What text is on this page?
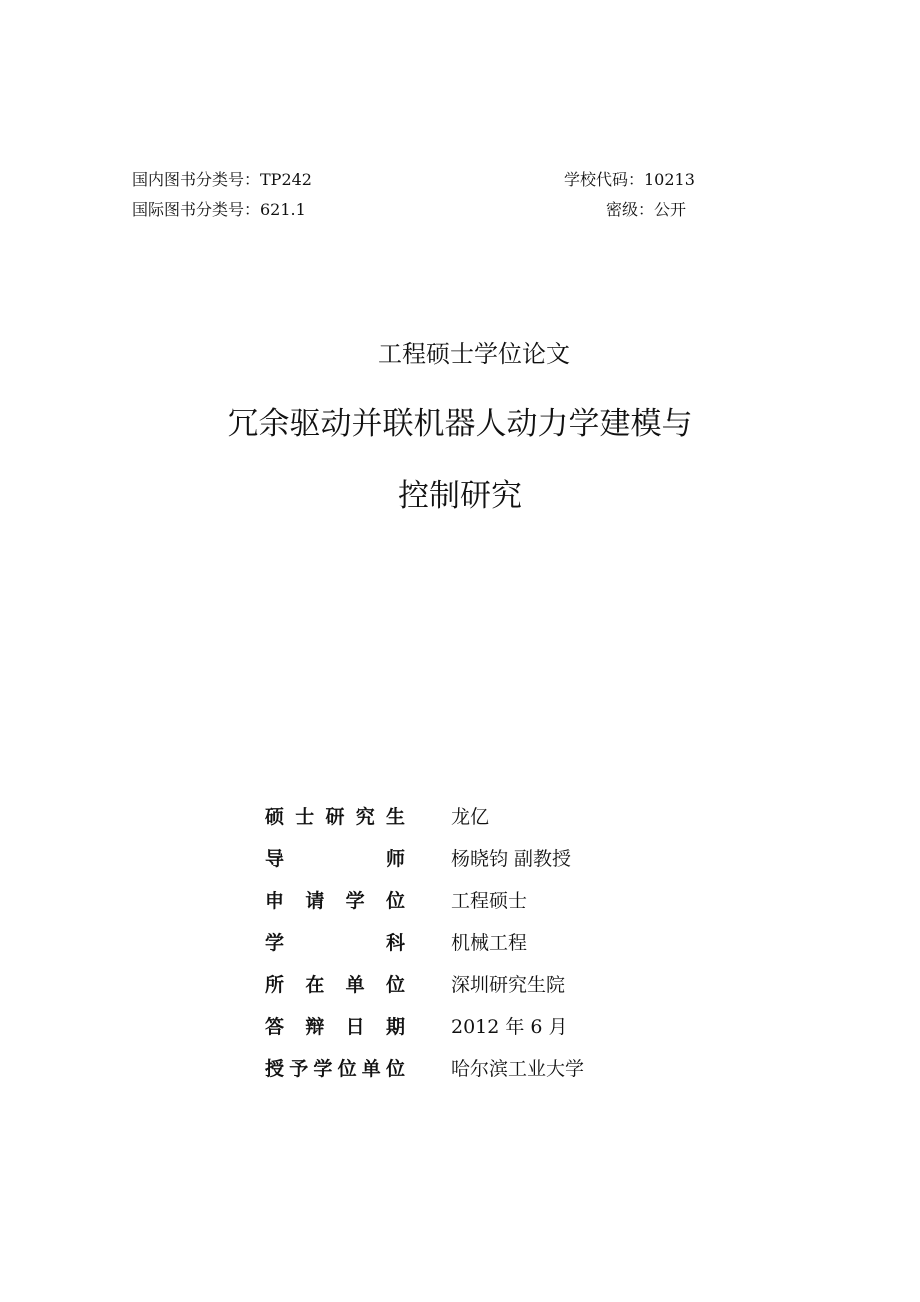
国内图书分类号：TP242
国际图书分类号：621.1
学校代码：10213
密级：公开
工程硕士学位论文
冗余驱动并联机器人动力学建模与
控制研究
硕士研究生 龙亿
导师 杨晓钧 副教授
申请学位 工程硕士
学科 机械工程
所在单位 深圳研究生院
答辩日期 2012 年 6 月
授予学位单位 哈尔滨工业大学
